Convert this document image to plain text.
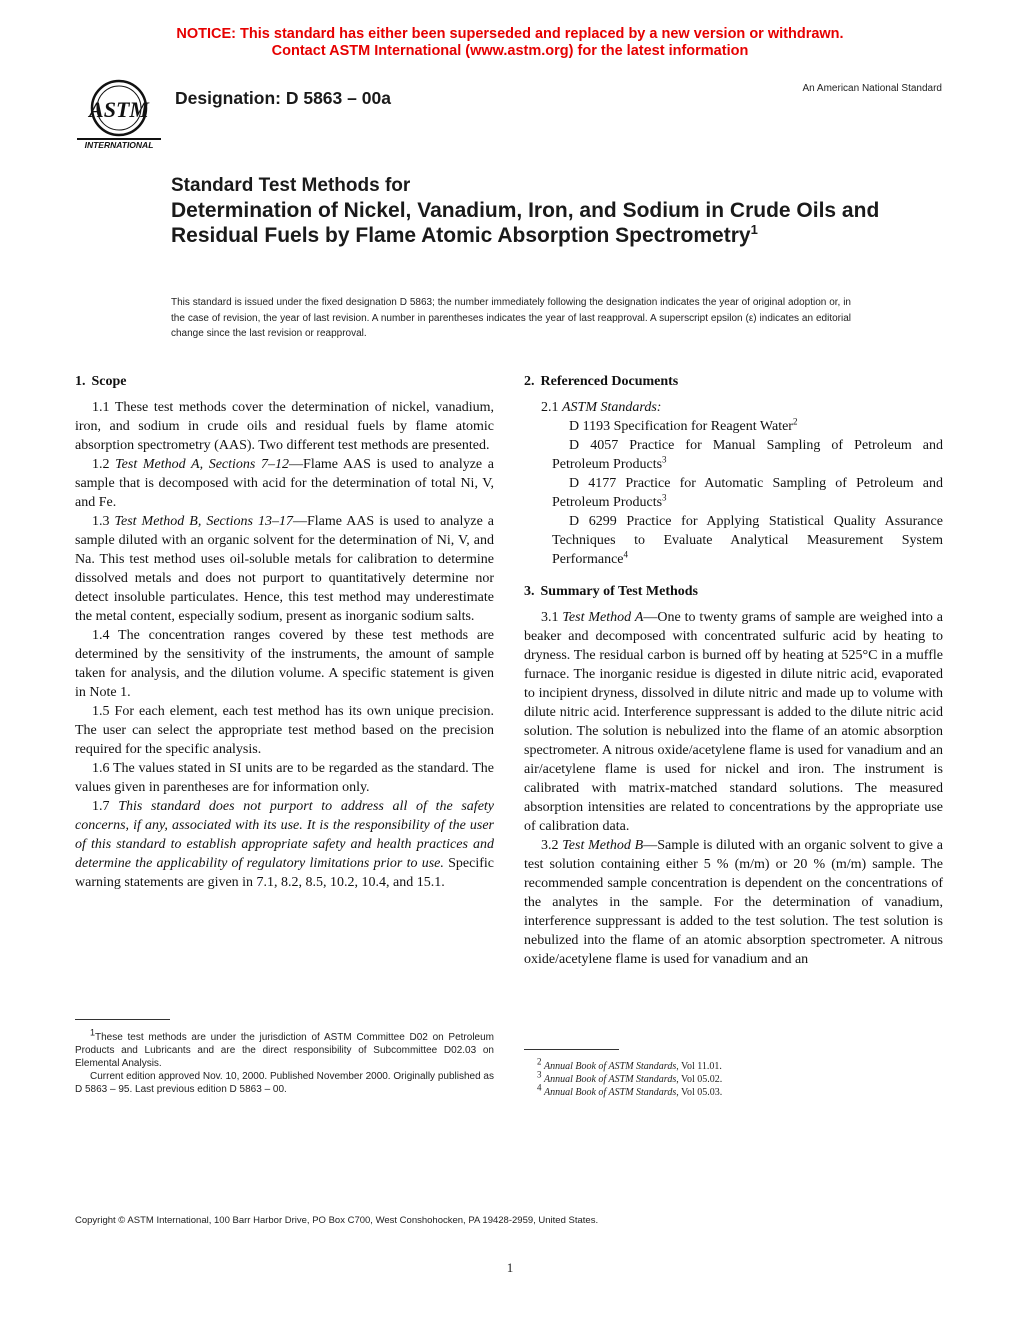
NOTICE: This standard has either been superseded and replaced by a new version or withdrawn.
Contact ASTM International (www.astm.org) for the latest information
ASTM
INTERNATIONAL
Designation: D 5863 – 00a	An American National Standard
Standard Test Methods for
Determination of Nickel, Vanadium, Iron, and Sodium in Crude Oils and Residual Fuels by Flame Atomic Absorption Spectrometry$^1$
This standard is issued under the fixed designation D 5863; the number immediately following the designation indicates the year of original adoption or, in the case of revision, the year of last revision. A number in parentheses indicates the year of last reapproval. A superscript epsilon (ε) indicates an editorial change since the last revision or reapproval.
1. Scope

1.1 These test methods cover the determination of nickel, vanadium, iron, and sodium in crude oils and residual fuels by flame atomic absorption spectrometry (AAS). Two different test methods are presented.

1.2 Test Method A, Sections 7–12—Flame AAS is used to analyze a sample that is decomposed with acid for the determination of total Ni, V, and Fe.

1.3 Test Method B, Sections 13–17—Flame AAS is used to analyze a sample diluted with an organic solvent for the determination of Ni, V, and Na. This test method uses oil-soluble metals for calibration to determine dissolved metals and does not purport to quantitatively determine nor detect insoluble particulates. Hence, this test method may underestimate the metal content, especially sodium, present as inorganic sodium salts.

1.4 The concentration ranges covered by these test methods are determined by the sensitivity of the instruments, the amount of sample taken for analysis, and the dilution volume. A specific statement is given in Note 1.

1.5 For each element, each test method has its own unique precision. The user can select the appropriate test method based on the precision required for the specific analysis.

1.6 The values stated in SI units are to be regarded as the standard. The values given in parentheses are for information only.

1.7 This standard does not purport to address all of the safety concerns, if any, associated with its use. It is the responsibility of the user of this standard to establish appropriate safety and health practices and determine the applicability of regulatory limitations prior to use. Specific warning statements are given in 7.1, 8.2, 8.5, 10.2, 10.4, and 15.1.

2. Referenced Documents

2.1 ASTM Standards:

D 1193 Specification for Reagent Water$^2$

D 4057 Practice for Manual Sampling of Petroleum and Petroleum Products$^3$

D 4177 Practice for Automatic Sampling of Petroleum and Petroleum Products$^3$

D 6299 Practice for Applying Statistical Quality Assurance Techniques to Evaluate Analytical Measurement System Performance$^4$

3. Summary of Test Methods

3.1 Test Method A—One to twenty grams of sample are weighed into a beaker and decomposed with concentrated sulfuric acid by heating to dryness. The residual carbon is burned off by heating at 525°C in a muffle furnace. The inorganic residue is digested in dilute nitric acid, evaporated to incipient dryness, dissolved in dilute nitric and made up to volume with dilute nitric acid. Interference suppressant is added to the dilute nitric acid solution. The solution is nebulized into the flame of an atomic absorption spectrometer. A nitrous oxide/acetylene flame is used for vanadium and an air/acetylene flame is used for nickel and iron. The instrument is calibrated with matrix-matched standard solutions. The measured absorption intensities are related to concentrations by the appropriate use of calibration data.

3.2 Test Method B—Sample is diluted with an organic solvent to give a test solution containing either 5 % (m/m) or 20 % (m/m) sample. The recommended sample concentration is dependent on the concentrations of the analytes in the sample. For the determination of vanadium, interference suppressant is added to the test solution. The test solution is nebulized into the flame of an atomic absorption spectrometer. A nitrous oxide/acetylene flame is used for vanadium and an

$^1$These test methods are under the jurisdiction of ASTM Committee D02 on Petroleum Products and Lubricants and are the direct responsibility of Subcommittee D02.03 on Elemental Analysis.

Current edition approved Nov. 10, 2000. Published November 2000. Originally published as D 5863 – 95. Last previous edition D 5863 – 00.

$^2$ Annual Book of ASTM Standards, Vol 11.01.

$^3$ Annual Book of ASTM Standards, Vol 05.02.

$^4$ Annual Book of ASTM Standards, Vol 05.03.

Copyright © ASTM International, 100 Barr Harbor Drive, PO Box C700, West Conshohocken, PA 19428-2959, United States.
1
